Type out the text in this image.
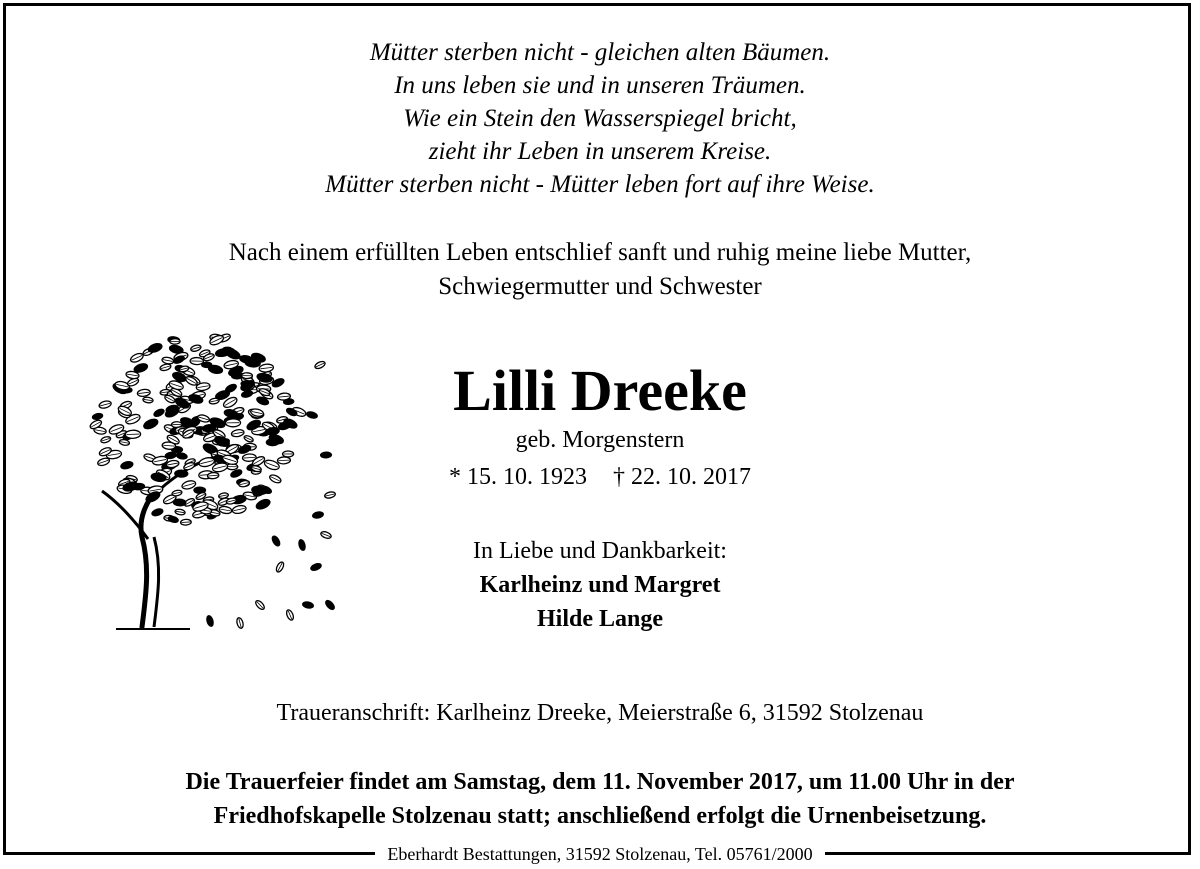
Mütter sterben nicht - gleichen alten Bäumen.
In uns leben sie und in unseren Träumen.
Wie ein Stein den Wasserspiegel bricht,
zieht ihr Leben in unserem Kreise.
Mütter sterben nicht - Mütter leben fort auf ihre Weise.
Nach einem erfüllten Leben entschlief sanft und ruhig meine liebe Mutter,
Schwiegermutter und Schwester
Lilli Dreeke
geb. Morgenstern
* 15. 10. 1923 † 22. 10. 2017
In Liebe und Dankbarkeit:
Karlheinz und Margret
Hilde Lange
Traueranschrift: Karlheinz Dreeke, Meierstraße 6, 31592 Stolzenau
Die Trauerfeier findet am Samstag, dem 11. November 2017, um 11.00 Uhr in der
Friedhofskapelle Stolzenau statt; anschließend erfolgt die Urnenbeisetzung.
Eberhardt Bestattungen, 31592 Stolzenau, Tel. 05761/2000
